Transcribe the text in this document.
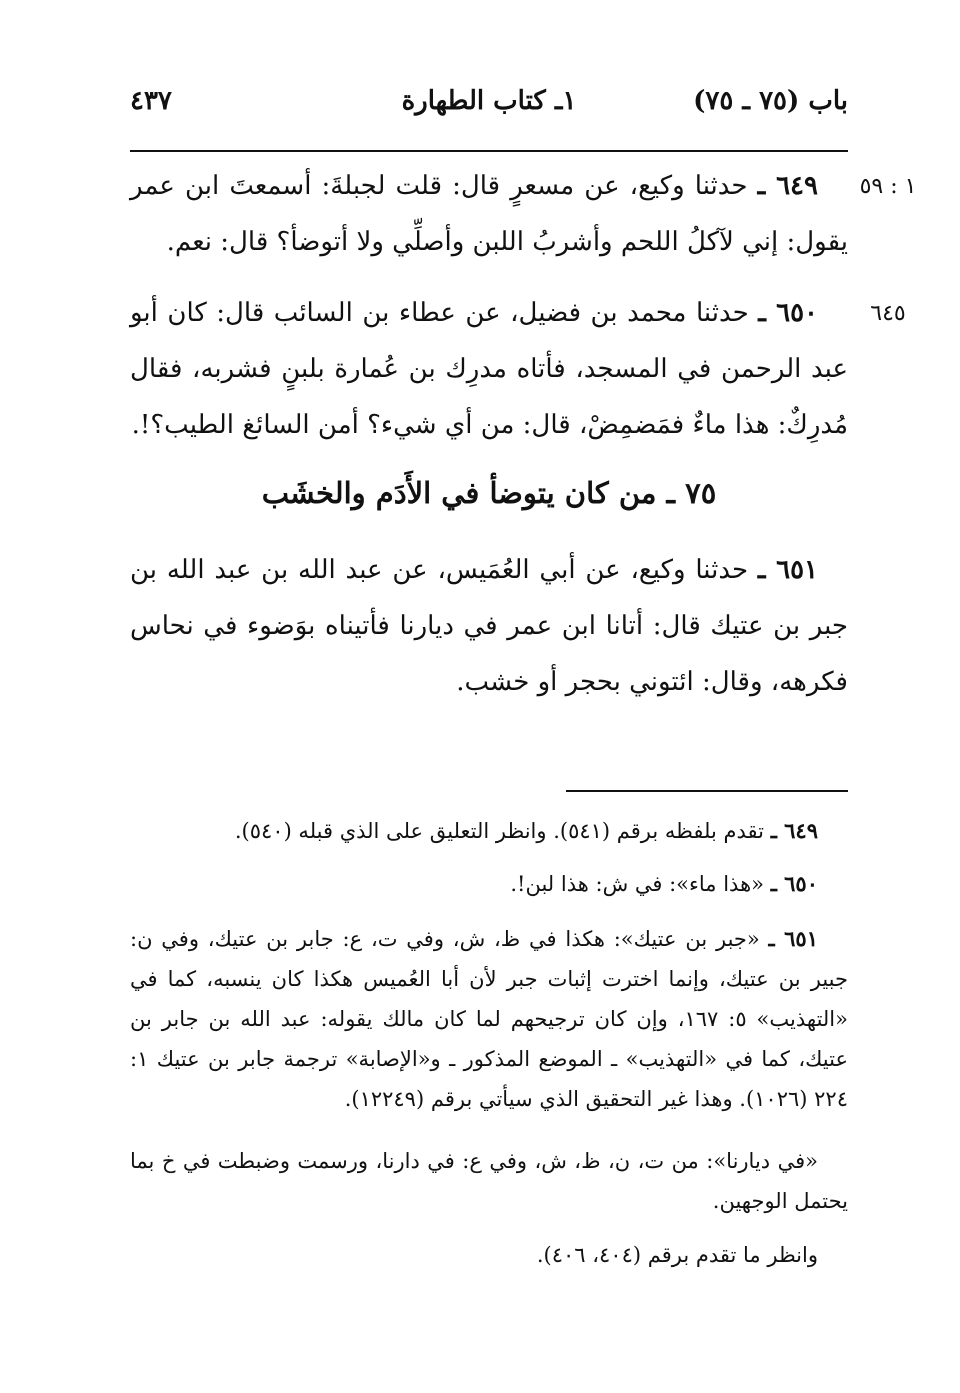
باب (٧٥ ـ ٧٥)
١ـ كتاب الطهارة
٤٣٧
١ : ٥٩
٦٤٥

٦٤٩ ـ حدثنا وكيع، عن مسعرٍ قال: قلت لجبلةَ: أسمعتَ ابن عمر يقول: إني لآكلُ اللحم وأشربُ اللبن وأصلِّي ولا أتوضأ؟ قال: نعم.

٦٥٠ ـ حدثنا محمد بن فضيل، عن عطاء بن السائب قال: كان أبو عبد الرحمن في المسجد، فأتاه مدرِك بن عُمارة بلبنٍ فشربه، فقال مُدرِكٌ: هذا ماءٌ فمَضمِضْ، قال: من أي شيء؟ أمن السائغ الطيب؟!.

٧٥ ـ من كان يتوضأ في الأَدَم والخشَب

٦٥١ ـ حدثنا وكيع، عن أبي العُمَيس، عن عبد الله بن عبد الله بن جبر بن عتيك قال: أتانا ابن عمر في ديارنا فأتيناه بوَضوء في نحاس فكرهه، وقال: ائتوني بحجر أو خشب.

٦٤٩ ـ تقدم بلفظه برقم (٥٤١). وانظر التعليق على الذي قبله (٥٤٠).

٦٥٠ ـ «هذا ماء»: في ش: هذا لبن!.

٦٥١ ـ «جبر بن عتيك»: هكذا في ظ، ش، وفي ت، ع: جابر بن عتيك، وفي ن: جبير بن عتيك، وإنما اخترت إثبات جبر لأن أبا العُميس هكذا كان ينسبه، كما في «التهذيب» ٥: ١٦٧، وإن كان ترجيحهم لما كان مالك يقوله: عبد الله بن جابر بن عتيك، كما في «التهذيب» ـ الموضع المذكور ـ و«الإصابة» ترجمة جابر بن عتيك ١: ٢٢٤ (١٠٢٦). وهذا غير التحقيق الذي سيأتي برقم (١٢٢٤٩).

«في ديارنا»: من ت، ن، ظ، ش، وفي ع: في دارنا، ورسمت وضبطت في خ بما يحتمل الوجهين.

وانظر ما تقدم برقم (٤٠٤، ٤٠٦).
